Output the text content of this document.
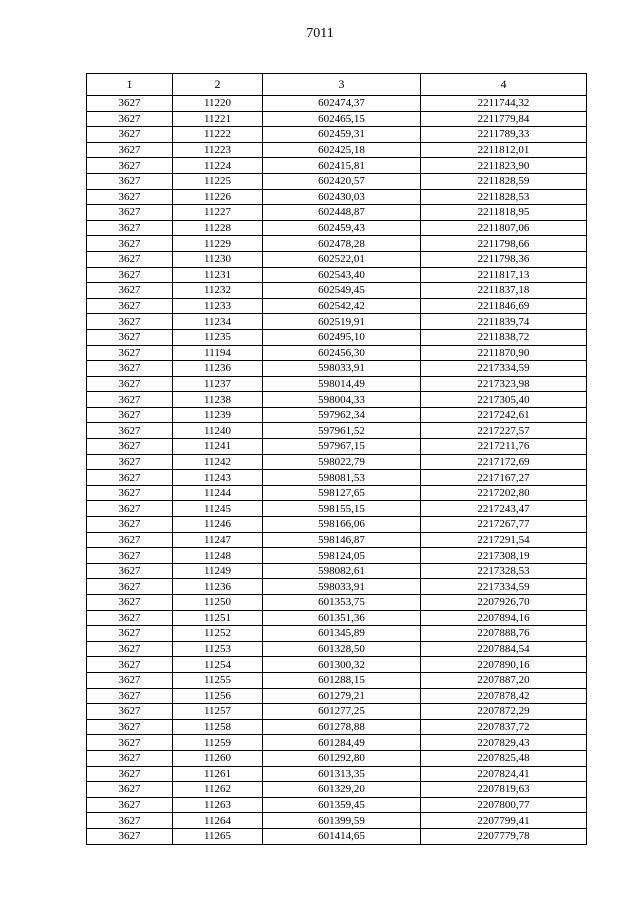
7011
1	2	3	4
3627	11220	602474,37	2211744,32
3627	11221	602465,15	2211779,84
3627	11222	602459,31	2211789,33
3627	11223	602425,18	2211812,01
3627	11224	602415,81	2211823,90
3627	11225	602420,57	2211828,59
3627	11226	602430,03	2211828,53
3627	11227	602448,87	2211818,95
3627	11228	602459,43	2211807,06
3627	11229	602478,28	2211798,66
3627	11230	602522,01	2211798,36
3627	11231	602543,40	2211817,13
3627	11232	602549,45	2211837,18
3627	11233	602542,42	2211846,69
3627	11234	602519,91	2211839,74
3627	11235	602495,10	2211838,72
3627	11194	602456,30	2211870,90
3627	11236	598033,91	2217334,59
3627	11237	598014,49	2217323,98
3627	11238	598004,33	2217305,40
3627	11239	597962,34	2217242,61
3627	11240	597961,52	2217227,57
3627	11241	597967,15	2217211,76
3627	11242	598022,79	2217172,69
3627	11243	598081,53	2217167,27
3627	11244	598127,65	2217202,80
3627	11245	598155,15	2217243,47
3627	11246	598166,06	2217267,77
3627	11247	598146,87	2217291,54
3627	11248	598124,05	2217308,19
3627	11249	598082,61	2217328,53
3627	11236	598033,91	2217334,59
3627	11250	601353,75	2207926,70
3627	11251	601351,36	2207894,16
3627	11252	601345,89	2207888,76
3627	11253	601328,50	2207884,54
3627	11254	601300,32	2207890,16
3627	11255	601288,15	2207887,20
3627	11256	601279,21	2207878,42
3627	11257	601277,25	2207872,29
3627	11258	601278,88	2207837,72
3627	11259	601284,49	2207829,43
3627	11260	601292,80	2207825,48
3627	11261	601313,35	2207824,41
3627	11262	601329,20	2207819,63
3627	11263	601359,45	2207800,77
3627	11264	601399,59	2207799,41
3627	11265	601414,65	2207779,78
